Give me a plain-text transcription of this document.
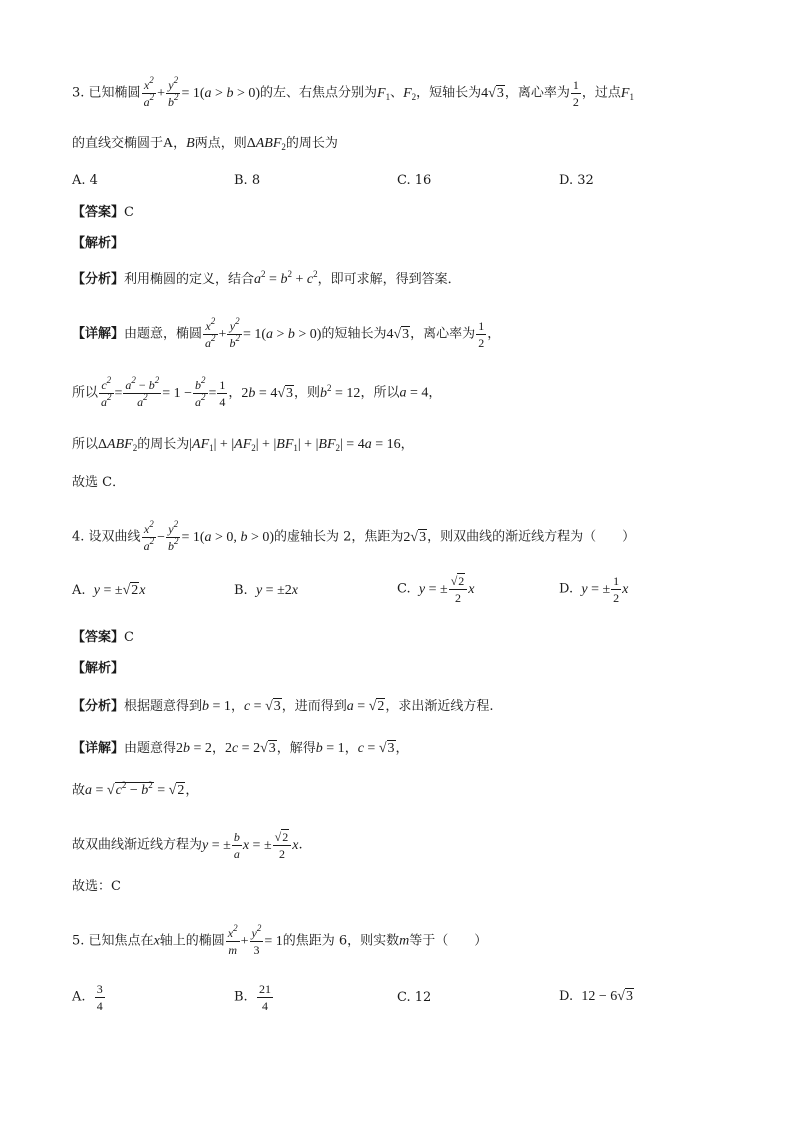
3. 已知椭圆 $\frac{x^2}{a^2} + \frac{y^2}{b^2} = 1(a > b > 0)$的左、右焦点分别为$F_1$、$F_2$，短轴长为4√3，离心率为 $\frac{1}{2}$ ，过点$F_1$
的直线交椭圆于A，B两点，则$\Delta ABF_2$的周长为
A. 4	B. 8	C. 16	D. 32
【答案】C
【解析】
【分析】利用椭圆的定义，结合$a^2 = b^2 + c^2$，即可求解，得到答案．
【详解】由题意，椭圆 $\frac{x^2}{a^2} + \frac{y^2}{b^2} = 1(a > b > 0)$的短轴长为4√3，离心率为 $\frac{1}{2}$ ，
所以 $\frac{c^2}{a^2} = \frac{a^2 - b^2}{a^2} = 1 - \frac{b^2}{a^2} = \frac{1}{4}$ ，2b = 4√3，则$b^2 = 12$，所以a = 4，
所以$\Delta ABF_2$的周长为$|AF_1| + |AF_2| + |BF_1| + |BF_2| = 4a = 16$，
故选 C．
4. 设双曲线 $\frac{x^2}{a^2} - \frac{y^2}{b^2} = 1(a > 0$, b > 0)的虚轴长为 2，焦距为2√3，则双曲线的渐近线方程为（　　）
A. y = ±√2x	B. y = ±2x	C. y = ± $\frac{√2}{2}$ x	D. y = ± $\frac{1}{2}$ x
【答案】C
【解析】
【分析】根据题意得到b = 1，c = √3，进而得到a = √2，求出渐近线方程.
【详解】由题意得2b = 2，2c = 2√3，解得b = 1，c = √3，
故$a = √c^2 - b^2 = √2$，
故双曲线渐近线方程为y = ± $\frac{b}{a}$ x = ± $\frac{√2}{2} x$.
故选：C
5. 已知焦点在x轴上的椭圆 $\frac{x^2}{m} + \frac{y^2}{3} = 1$的焦距为 6，则实数m等于（　　）
A. $\frac{3}{4}$	B. $\frac{21}{4}$	C. 12	D. 12 − 6√3
